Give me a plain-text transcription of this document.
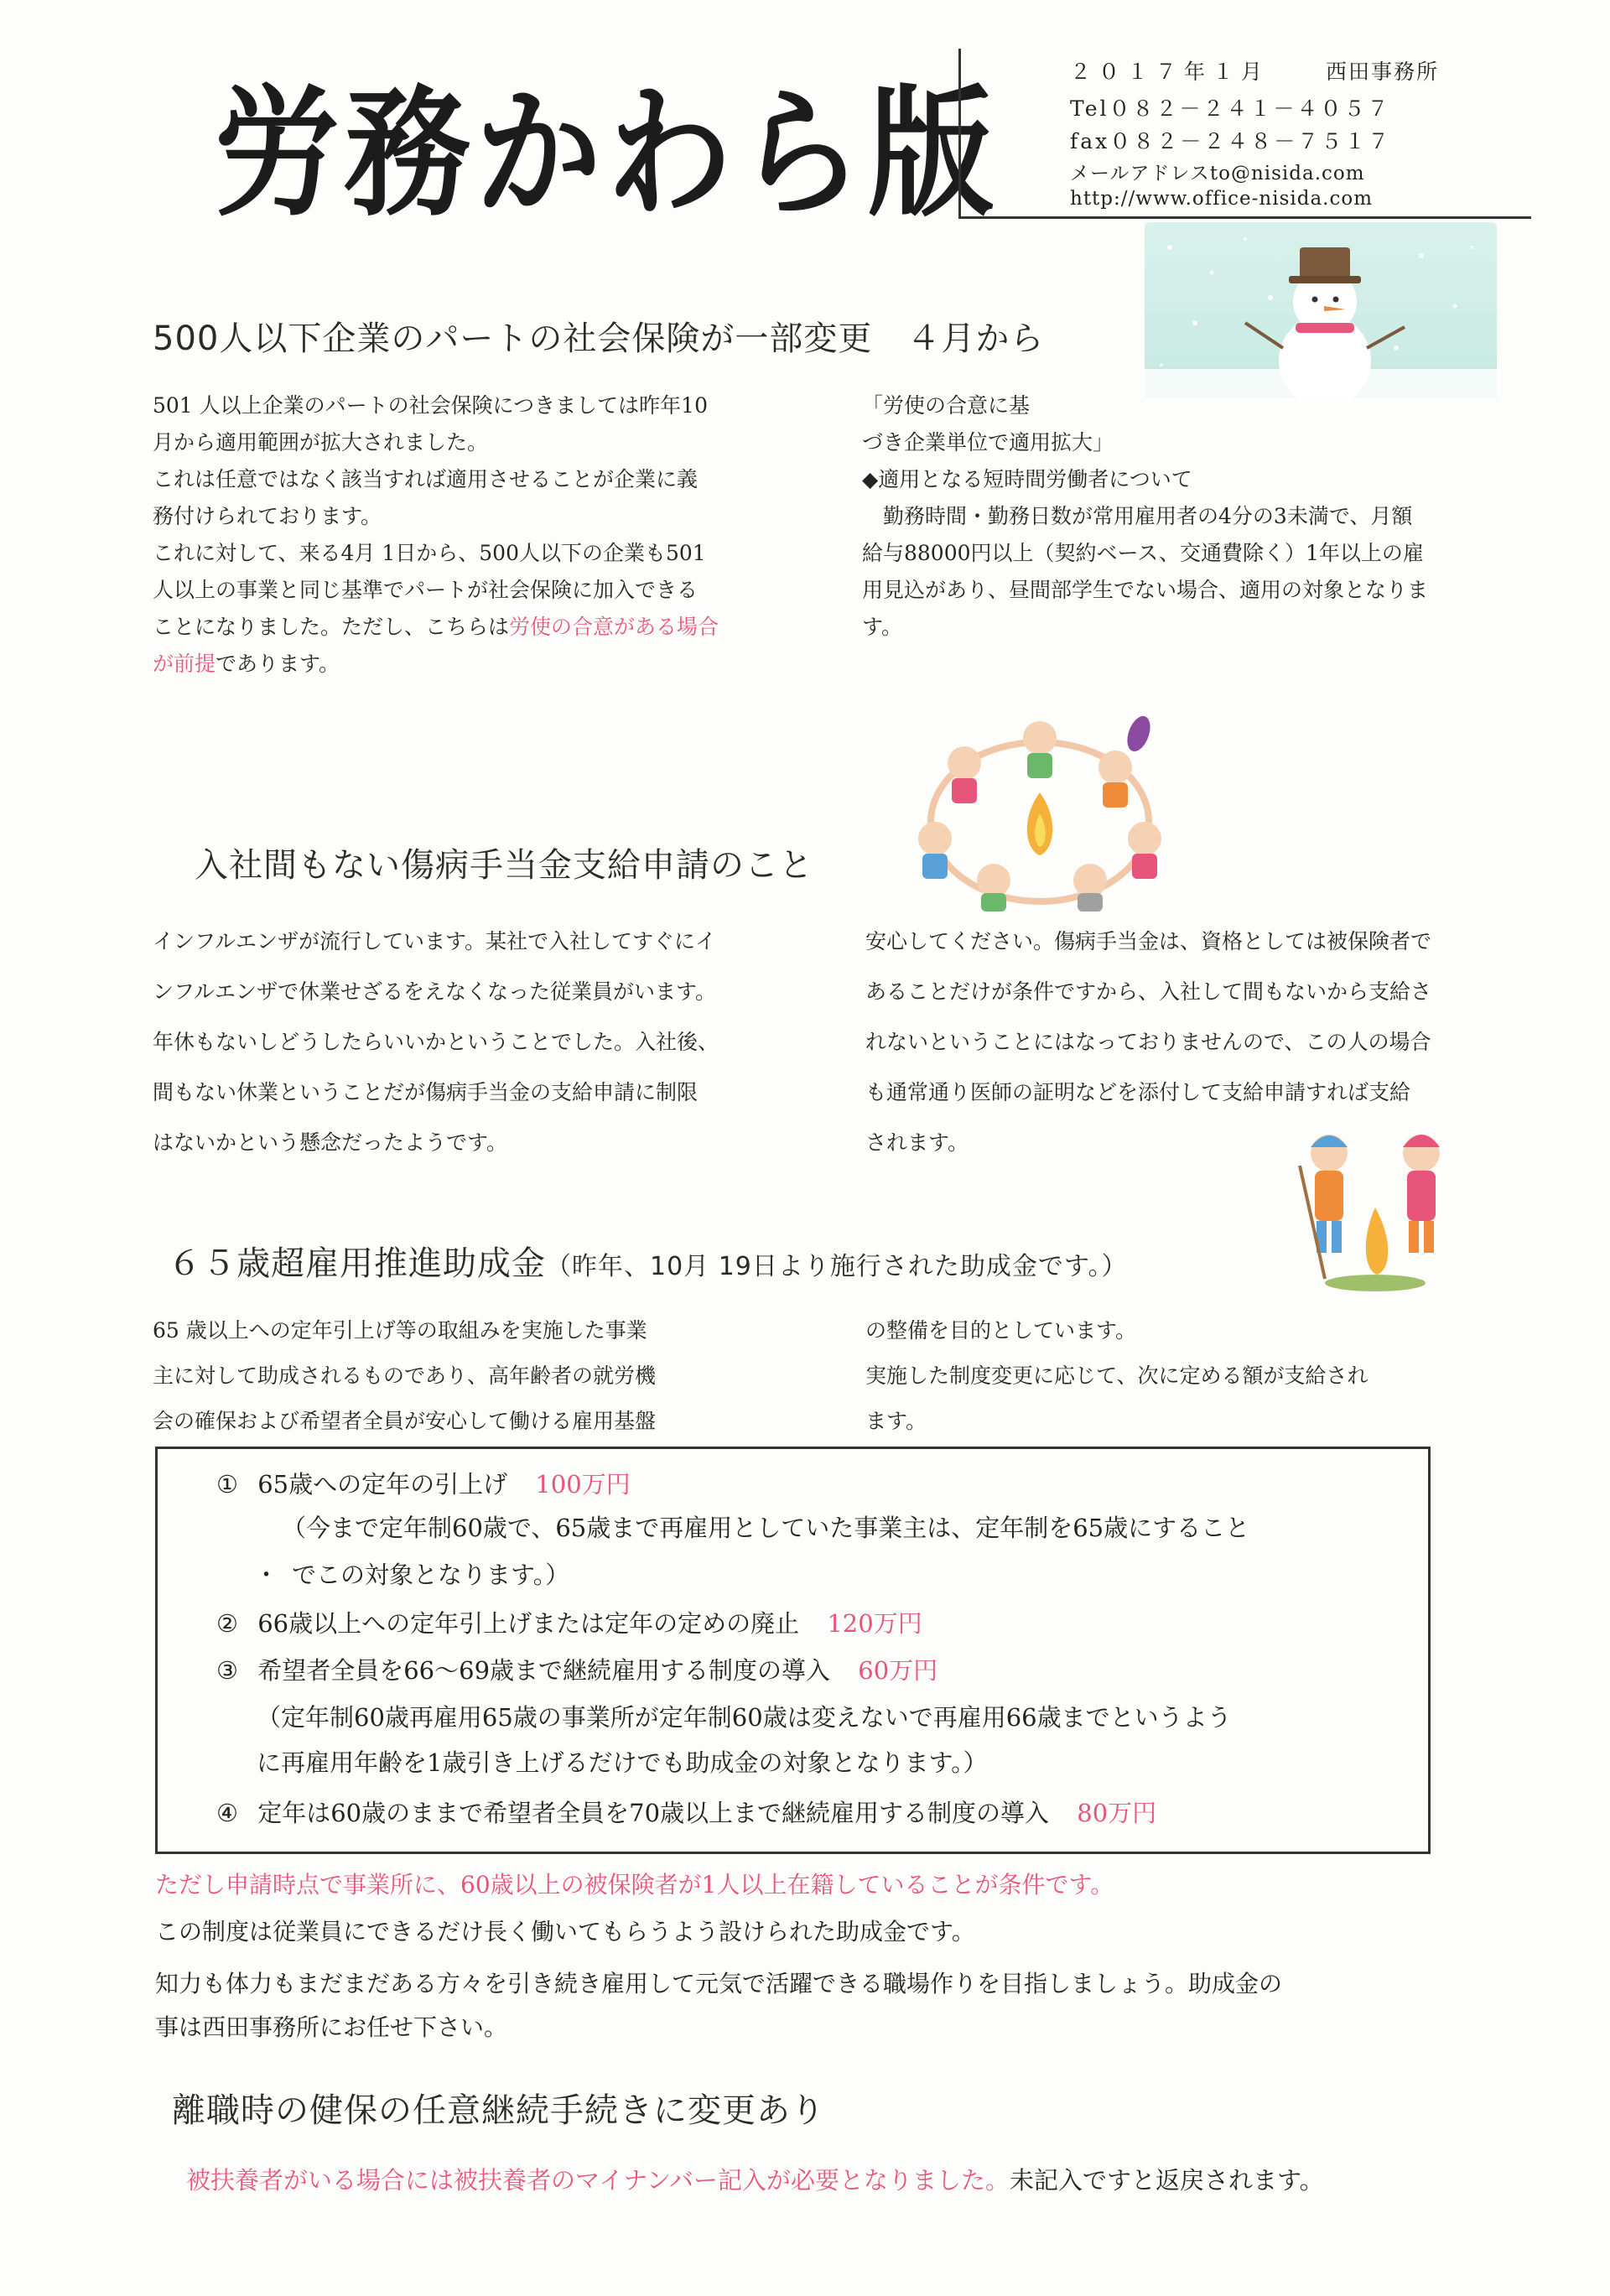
労務かわら版
２０１７年１月	西田事務所
Tel０８２－２４１－４０５７
fax０８２－２４８－７５１７
メールアドレスto@nisida.com
http://www.office-nisida.com
500人以下企業のパートの社会保険が一部変更　４月から

501 人以上企業のパートの社会保険につきましては昨年10

月から適用範囲が拡大されました。

これは任意ではなく該当すれば適用させることが企業に義

務付けられております。

これに対して、来る4月 1日から、500人以下の企業も501

人以上の事業と同じ基準でパートが社会保険に加入できる

ことになりました。ただし、こちらは労使の合意がある場合

が前提であります。

「労使の合意に基

づき企業単位で適用拡大」

◆適用となる短時間労働者について

　勤務時間・勤務日数が常用雇用者の4分の3未満で、月額

給与88000円以上（契約ベース、交通費除く）1年以上の雇

用見込があり、昼間部学生でない場合、適用の対象となりま

す。

入社間もない傷病手当金支給申請のこと

インフルエンザが流行しています。某社で入社してすぐにイ

ンフルエンザで休業せざるをえなくなった従業員がいます。

年休もないしどうしたらいいかということでした。入社後、

間もない休業ということだが傷病手当金の支給申請に制限

はないかという懸念だったようです。

安心してください。傷病手当金は、資格としては被保険者で

あることだけが条件ですから、入社して間もないから支給さ

れないということにはなっておりませんので、この人の場合

も通常通り医師の証明などを添付して支給申請すれば支給

されます。

６５歳超雇用推進助成金（昨年、10月 19日より施行された助成金です。）

65 歳以上への定年引上げ等の取組みを実施した事業

主に対して助成されるものであり、高年齢者の就労機

会の確保および希望者全員が安心して働ける雇用基盤

の整備を目的としています。

実施した制度変更に応じて、次に定める額が支給され

ます。

① 65歳への定年の引上げ 100万円
（今まで定年制60歳で、65歳まで再雇用としていた事業主は、定年制を65歳にすること
・ でこの対象となります。）
② 66歳以上への定年引上げまたは定年の定めの廃止 120万円
③ 希望者全員を66～69歳まで継続雇用する制度の導入 60万円
（定年制60歳再雇用65歳の事業所が定年制60歳は変えないで再雇用66歳までというよう
に再雇用年齢を1歳引き上げるだけでも助成金の対象となります。）
④ 定年は60歳のままで希望者全員を70歳以上まで継続雇用する制度の導入 80万円
ただし申請時点で事業所に、60歳以上の被保険者が1人以上在籍していることが条件です。
この制度は従業員にできるだけ長く働いてもらうよう設けられた助成金です。
知力も体力もまだまだある方々を引き続き雇用して元気で活躍できる職場作りを目指しましょう。助成金の
事は西田事務所にお任せ下さい。
離職時の健保の任意継続手続きに変更あり
被扶養者がいる場合には被扶養者のマイナンバー記入が必要となりました。未記入ですと返戻されます。
